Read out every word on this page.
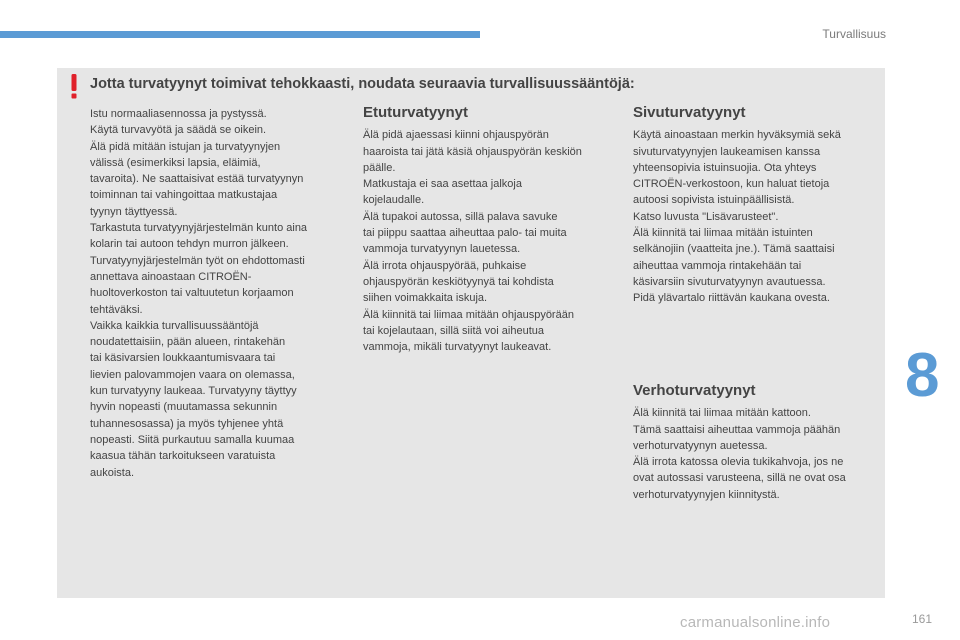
Turvallisuus
Jotta turvatyynyt toimivat tehokkaasti, noudata seuraavia turvallisuussääntöjä:

Istu normaaliasennossa ja pystyssä.

Käytä turvavyötä ja säädä se oikein.

Älä pidä mitään istujan ja turvatyynyjen

välissä (esimerkiksi lapsia, eläimiä,

tavaroita). Ne saattaisivat estää turvatyynyn

toiminnan tai vahingoittaa matkustajaa

tyynyn täyttyessä.

Tarkastuta turvatyynyjärjestelmän kunto aina

kolarin tai autoon tehdyn murron jälkeen.

Turvatyynyjärjestelmän työt on ehdottomasti

annettava ainoastaan CITROËN-

huoltoverkoston tai valtuutetun korjaamon

tehtäväksi.

Vaikka kaikkia turvallisuussääntöjä

noudatettaisiin, pään alueen, rintakehän

tai käsivarsien loukkaantumisvaara tai

lievien palovammojen vaara on olemassa,

kun turvatyyny laukeaa. Turvatyyny täyttyy

hyvin nopeasti (muutamassa sekunnin

tuhannesosassa) ja myös tyhjenee yhtä

nopeasti. Siitä purkautuu samalla kuumaa

kaasua tähän tarkoitukseen varatuista

aukoista.

Etuturvatyynyt

Älä pidä ajaessasi kiinni ohjauspyörän

haaroista tai jätä käsiä ohjauspyörän keskiön

päälle.

Matkustaja ei saa asettaa jalkoja

kojelaudalle.

Älä tupakoi autossa, sillä palava savuke

tai piippu saattaa aiheuttaa palo- tai muita

vammoja turvatyynyn lauetessa.

Älä irrota ohjauspyörää, puhkaise

ohjauspyörän keskiötyynyä tai kohdista

siihen voimakkaita iskuja.

Älä kiinnitä tai liimaa mitään ohjauspyörään

tai kojelautaan, sillä siitä voi aiheutua

vammoja, mikäli turvatyynyt laukeavat.

Sivuturvatyynyt

Käytä ainoastaan merkin hyväksymiä sekä

sivuturvatyynyjen laukeamisen kanssa

yhteensopivia istuinsuojia. Ota yhteys

CITROËN-verkostoon, kun haluat tietoja

autoosi sopivista istuinpäällisistä.

Katso luvusta "Lisävarusteet".

Älä kiinnitä tai liimaa mitään istuinten

selkänojiin (vaatteita jne.). Tämä saattaisi

aiheuttaa vammoja rintakehään tai

käsivarsiin sivuturvatyynyn avautuessa.

Pidä ylävartalo riittävän kaukana ovesta.

Verhoturvatyynyt

Älä kiinnitä tai liimaa mitään kattoon.

Tämä saattaisi aiheuttaa vammoja päähän

verhoturvatyynyn auetessa.

Älä irrota katossa olevia tukikahvoja, jos ne

ovat autossasi varusteena, sillä ne ovat osa

verhoturvatyynyjen kiinnitystä.

8
carmanualsonline.info	161
